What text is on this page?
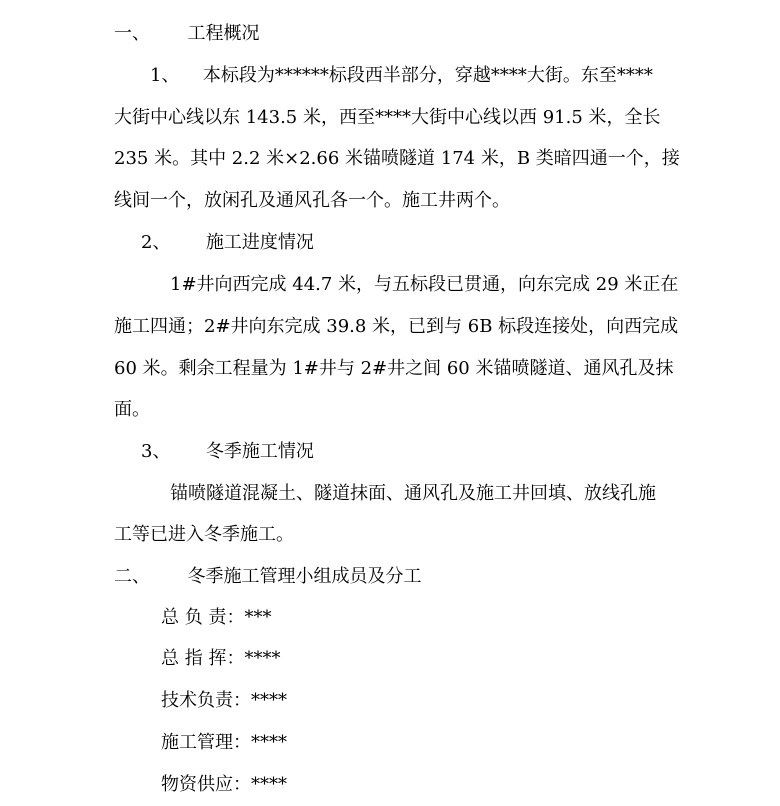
一、 工程概况
1、 本标段为******标段西半部分，穿越****大街。东至****
大街中心线以东 143.5 米，西至****大街中心线以西 91.5 米，全长
235 米。其中 2.2 米×2.66 米锚喷隧道 174 米，B 类暗四通一个，接
线间一个，放闲孔及通风孔各一个。施工井两个。
2、 施工进度情况
1#井向西完成 44.7 米，与五标段已贯通，向东完成 29 米正在
施工四通；2#井向东完成 39.8 米，已到与 6B 标段连接处，向西完成
60 米。剩余工程量为 1#井与 2#井之间 60 米锚喷隧道、通风孔及抹
面。
3、 冬季施工情况
锚喷隧道混凝土、隧道抹面、通风孔及施工井回填、放线孔施
工等已进入冬季施工。
二、 冬季施工管理小组成员及分工
总 负 责：***
总 指 挥：****
技术负责：****
施工管理：****
物资供应：****
